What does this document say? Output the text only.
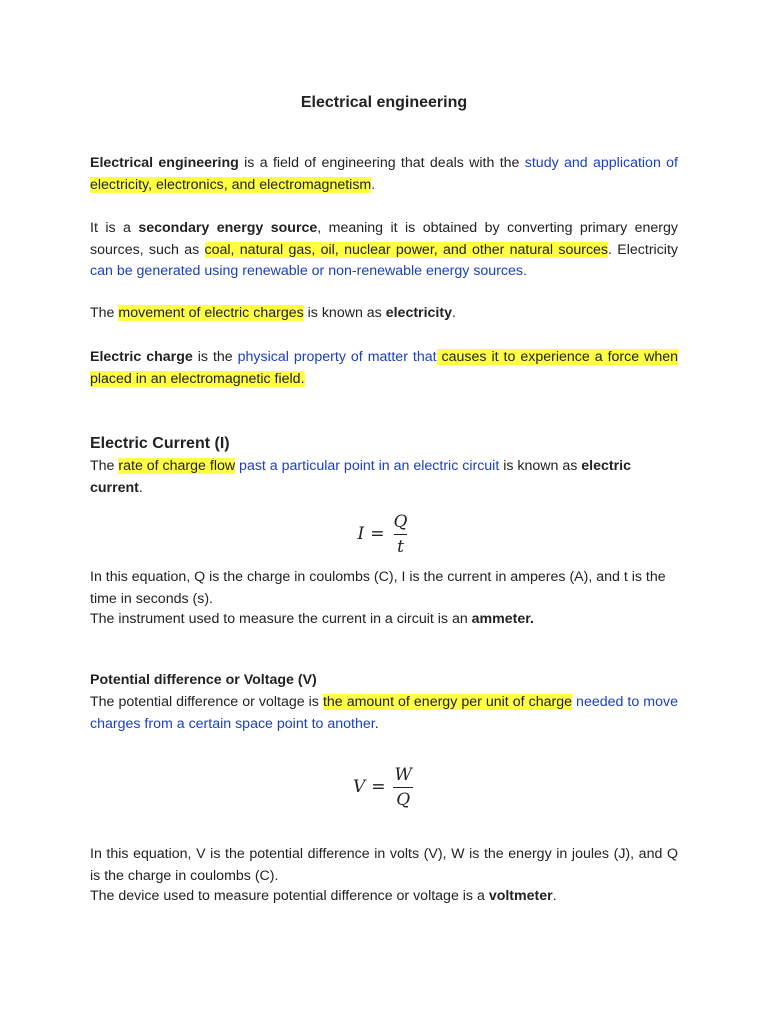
Electrical engineering

Electrical engineering is a field of engineering that deals with the study and application of electricity, electronics, and electromagnetism.

It is a secondary energy source, meaning it is obtained by converting primary energy sources, such as coal, natural gas, oil, nuclear power, and other natural sources. Electricity can be generated using renewable or non-renewable energy sources.

The movement of electric charges is known as electricity.

Electric charge is the physical property of matter that causes it to experience a force when placed in an electromagnetic field.

Electric Current (I)

The rate of charge flow past a particular point in an electric circuit is known as electric current.

$I = \frac{Q}{t}$

In this equation, Q is the charge in coulombs (C), I is the current in amperes (A), and t is the time in seconds (s).

The instrument used to measure the current in a circuit is an ammeter.

Potential difference or Voltage (V)

The potential difference or voltage is the amount of energy per unit of charge needed to move charges from a certain space point to another.

$V = \frac{W}{Q}$

In this equation, V is the potential difference in volts (V), W is the energy in joules (J), and Q is the charge in coulombs (C).

The device used to measure potential difference or voltage is a voltmeter.
